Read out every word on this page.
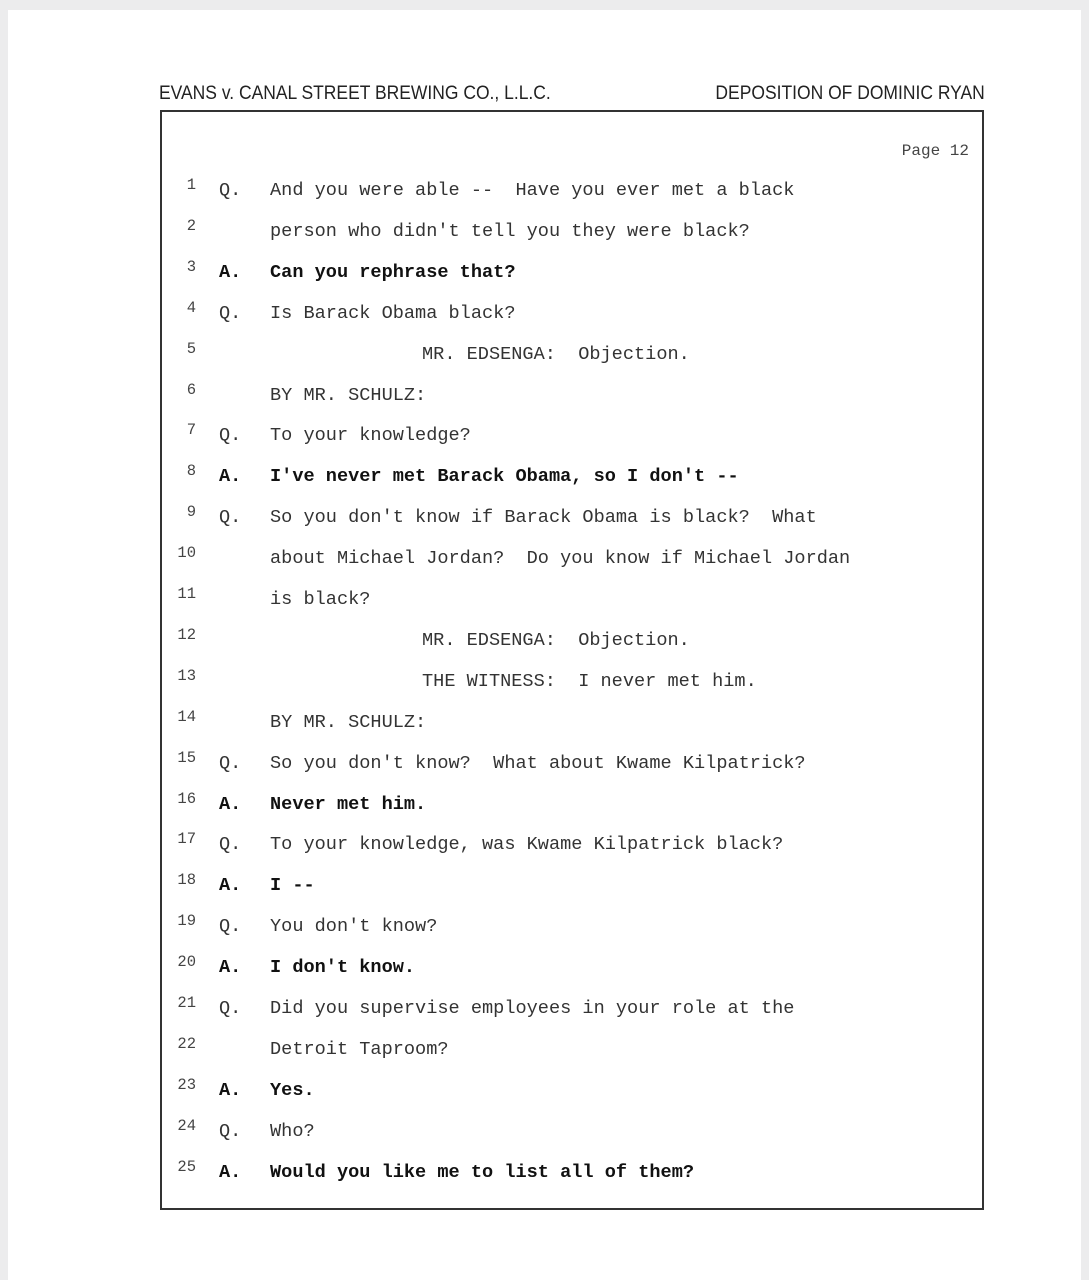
EVANS v. CANAL STREET BREWING CO., L.L.C.	DEPOSITION OF DOMINIC RYAN
Page 12
1 Q. And you were able --  Have you ever met a black
2	person who didn't tell you they were black?
3 A. Can you rephrase that?
4 Q. Is Barack Obama black?
5	MR. EDSENGA:  Objection.
6	BY MR. SCHULZ:
7 Q. To your knowledge?
8 A. I've never met Barack Obama, so I don't --
9 Q. So you don't know if Barack Obama is black?  What
10	about Michael Jordan?  Do you know if Michael Jordan
11	is black?
12	MR. EDSENGA:  Objection.
13	THE WITNESS:  I never met him.
14	BY MR. SCHULZ:
15 Q. So you don't know?  What about Kwame Kilpatrick?
16 A. Never met him.
17 Q. To your knowledge, was Kwame Kilpatrick black?
18 A. I --
19 Q. You don't know?
20 A. I don't know.
21 Q. Did you supervise employees in your role at the
22	Detroit Taproom?
23 A. Yes.
24 Q. Who?
25 A. Would you like me to list all of them?
